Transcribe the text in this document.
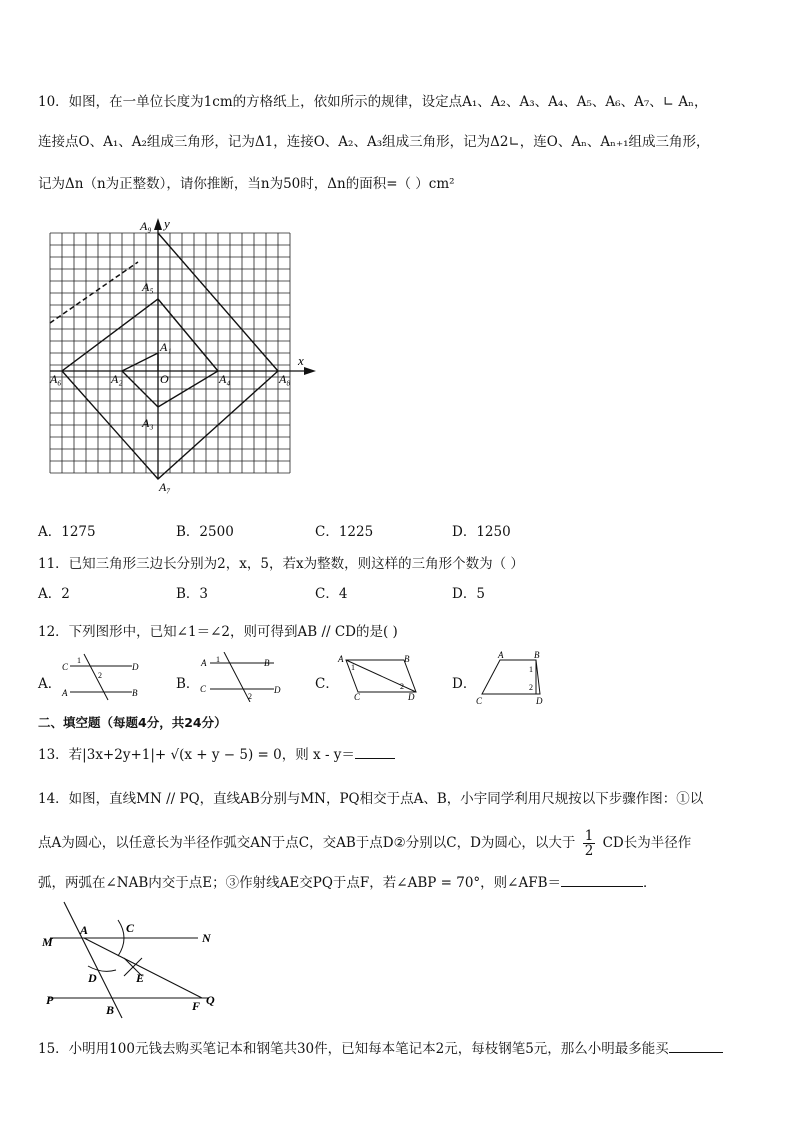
10．如图，在一单位长度为1cm的方格纸上，依如所示的规律，设定点A₁、A₂、A₃、A₄、A₅、A₆、A₇、∟ Aₙ，
连接点O、A₁、A₂组成三角形，记为Δ1，连接O、A₂、A₃组成三角形，记为Δ2∟，连O、Aₙ、Aₙ₊₁组成三角形，
记为Δn（n为正整数），请你推断，当n为50时，Δn的面积=（ ）cm²
A₉ y
A₅
A₁
x
A₆	A₂	O	A₄	A₈
A₃
A₇
A．1275	B．2500	C．1225	D．1250
11．已知三角形三边长分别为2，x，5，若x为整数，则这样的三角形个数为（ ）
A．2	B．3	C．4	D．5
12．下列图形中，已知∠1＝∠2，则可得到AB // CD的是( )
A．
C	D
A	B
1
2
B．
A	B
C	D
1
2
C．
A	B
C	D
1
2	D．
A	B
C	D
1
2
二、填空题（每题4分，共24分）
13．若|3x+2y+1|+ √(x + y − 5) = 0，则 x - y＝
14．如图，直线MN // PQ，直线AB分别与MN，PQ相交于点A、B，小宇同学利用尺规按以下步骤作图：①以
点A为圆心，以任意长为半径作弧交AN于点C，交AB于点D②分别以C，D为圆心，以大于 $\frac{1}{2}$ CD长为半径作
弧，两弧在∠NAB内交于点E；③作射线AE交PQ于点F，若∠ABP = 70°，则∠AFB＝	．
M
A	C
N
D	E
P
B	F Q
15．小明用100元钱去购买笔记本和钢笔共30件，已知每本笔记本2元，每枝钢笔5元，那么小明最多能买
